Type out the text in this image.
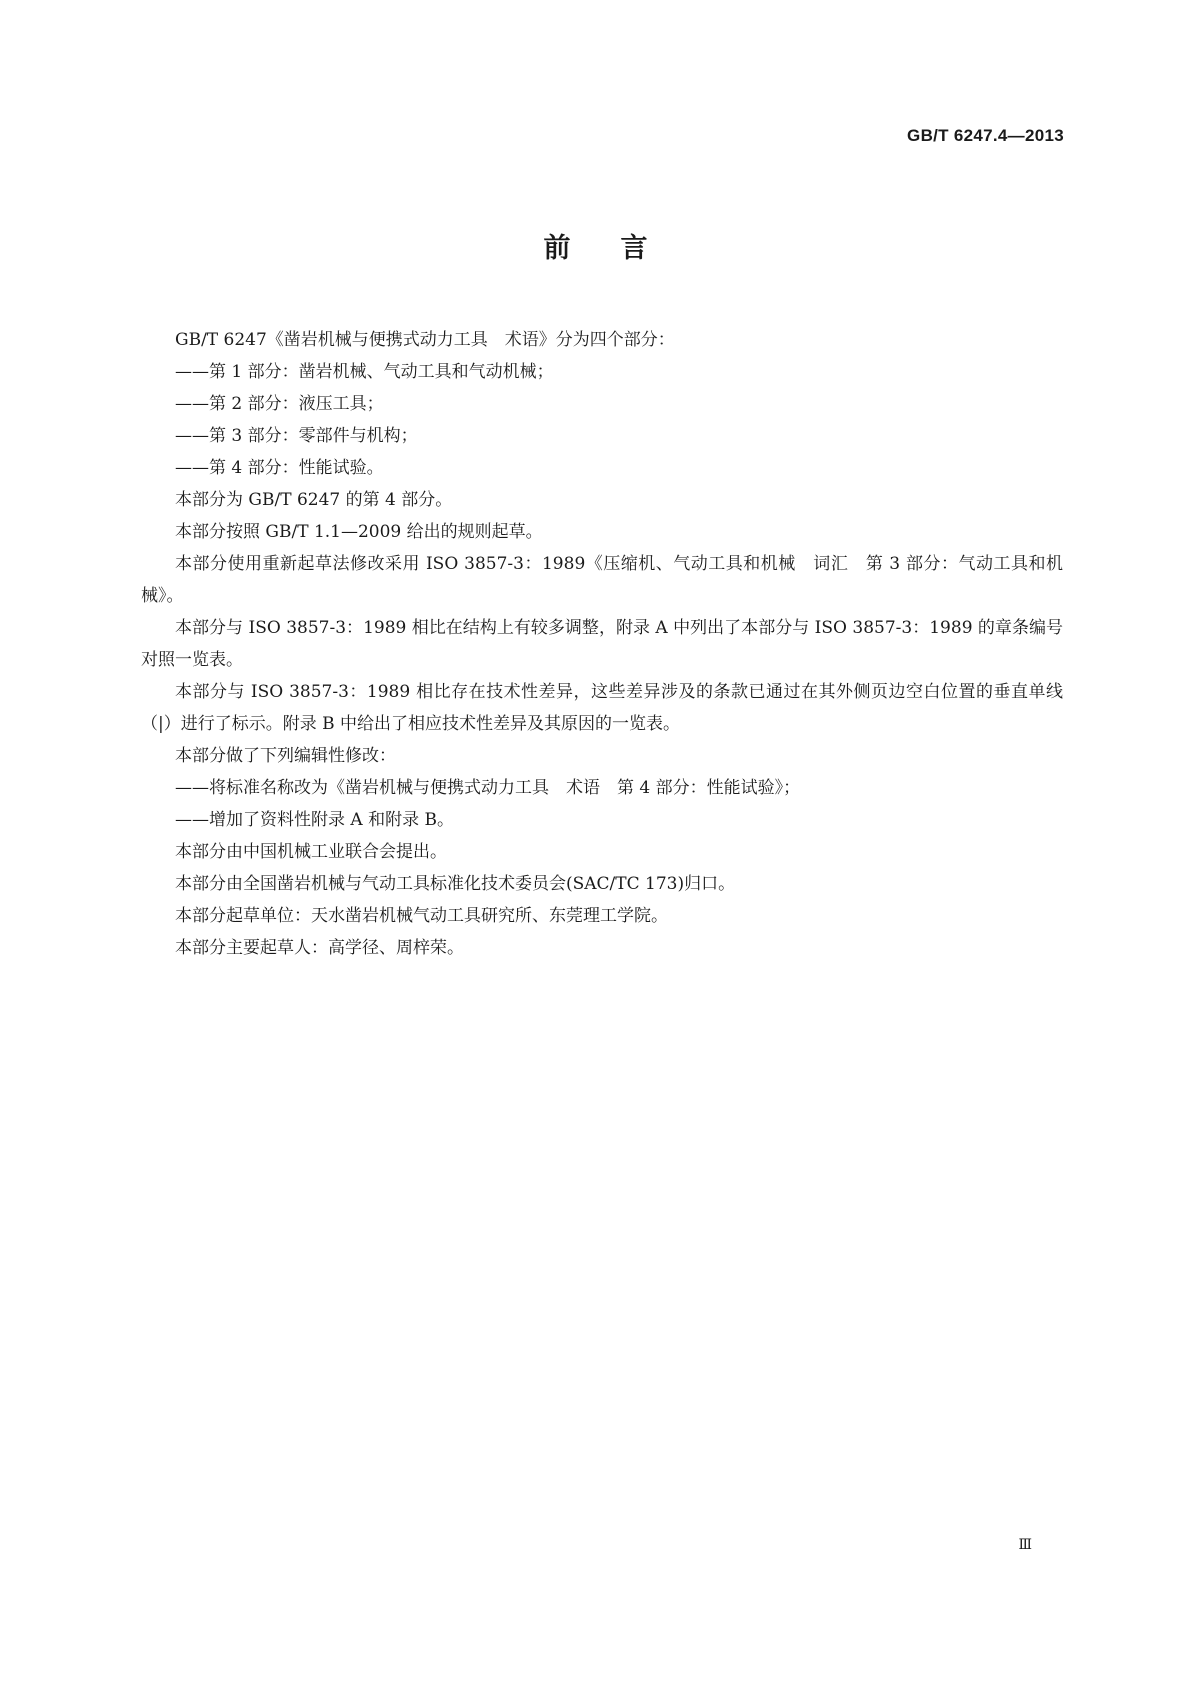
GB/T 6247.4—2013

前言

GB/T 6247《凿岩机械与便携式动力工具　术语》分为四个部分：

——第 1 部分：凿岩机械、气动工具和气动机械；

——第 2 部分：液压工具；

——第 3 部分：零部件与机构；

——第 4 部分：性能试验。

本部分为 GB/T 6247 的第 4 部分。

本部分按照 GB/T 1.1—2009 给出的规则起草。

本部分使用重新起草法修改采用 ISO 3857-3：1989《压缩机、气动工具和机械　词汇　第 3 部分：气动工具和机械》。

本部分与 ISO 3857-3：1989 相比在结构上有较多调整，附录 A 中列出了本部分与 ISO 3857-3：1989 的章条编号对照一览表。

本部分与 ISO 3857-3：1989 相比存在技术性差异，这些差异涉及的条款已通过在其外侧页边空白位置的垂直单线（|）进行了标示。附录 B 中给出了相应技术性差异及其原因的一览表。

本部分做了下列编辑性修改：

——将标准名称改为《凿岩机械与便携式动力工具　术语　第 4 部分：性能试验》；

——增加了资料性附录 A 和附录 B。

本部分由中国机械工业联合会提出。

本部分由全国凿岩机械与气动工具标准化技术委员会(SAC/TC 173)归口。

本部分起草单位：天水凿岩机械气动工具研究所、东莞理工学院。

本部分主要起草人：高学径、周梓荣。

Ⅲ
